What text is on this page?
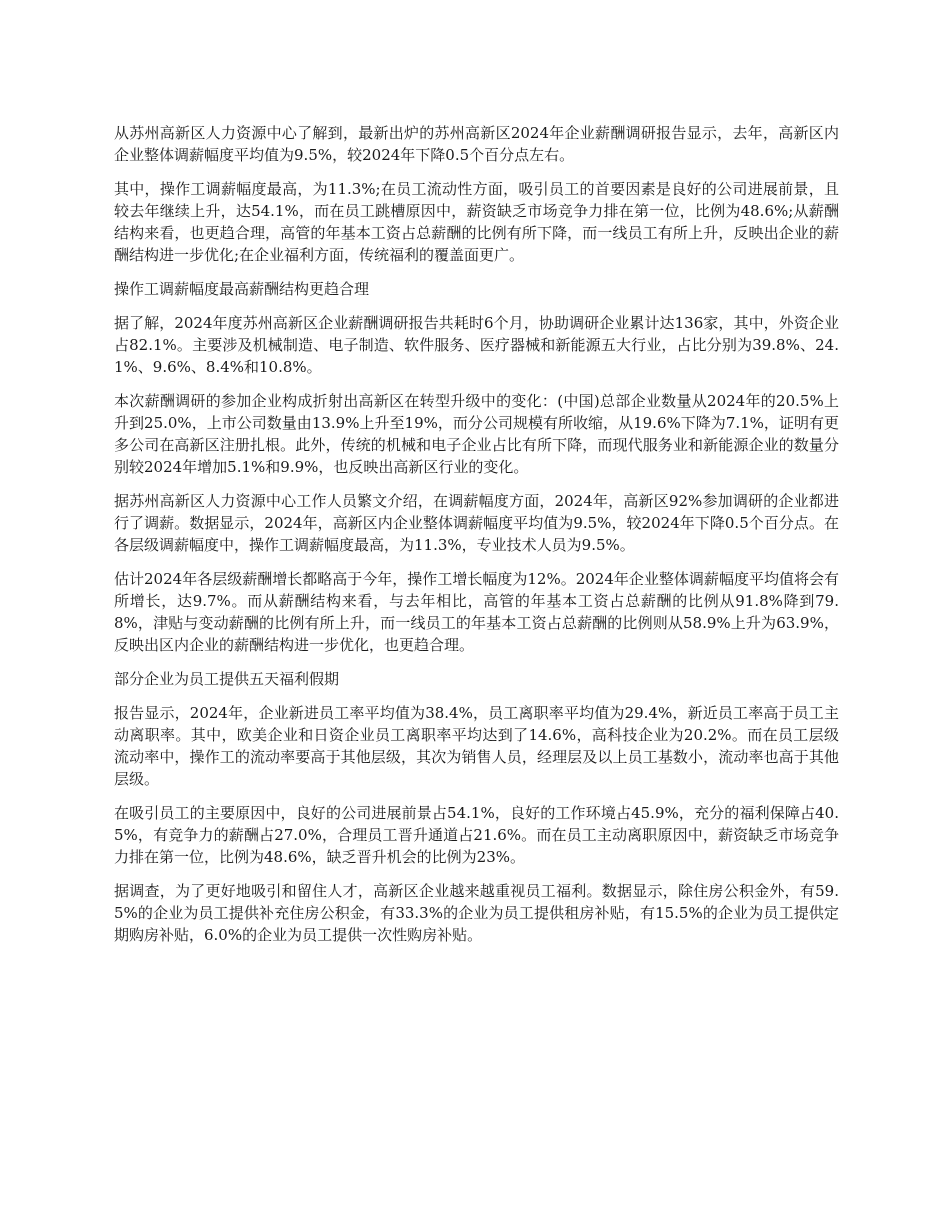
从苏州高新区人力资源中心了解到，最新出炉的苏州高新区2024年企业薪酬调研报告显示，去年，高新区内企业整体调薪幅度平均值为9.5%，较2024年下降0.5个百分点左右。

其中，操作工调薪幅度最高，为11.3%;在员工流动性方面，吸引员工的首要因素是良好的公司进展前景，且较去年继续上升，达54.1%，而在员工跳槽原因中，薪资缺乏市场竞争力排在第一位，比例为48.6%;从薪酬结构来看，也更趋合理，高管的年基本工资占总薪酬的比例有所下降，而一线员工有所上升，反映出企业的薪酬结构进一步优化;在企业福利方面，传统福利的覆盖面更广。

操作工调薪幅度最高薪酬结构更趋合理

据了解，2024年度苏州高新区企业薪酬调研报告共耗时6个月，协助调研企业累计达136家，其中，外资企业占82.1%。主要涉及机械制造、电子制造、软件服务、医疗器械和新能源五大行业，占比分别为39.8%、24.1%、9.6%、8.4%和10.8%。

本次薪酬调研的参加企业构成折射出高新区在转型升级中的变化：(中国)总部企业数量从2024年的20.5%上升到25.0%，上市公司数量由13.9%上升至19%，而分公司规模有所收缩，从19.6%下降为7.1%，证明有更多公司在高新区注册扎根。此外，传统的机械和电子企业占比有所下降，而现代服务业和新能源企业的数量分别较2024年增加5.1%和9.9%，也反映出高新区行业的变化。

据苏州高新区人力资源中心工作人员繁文介绍，在调薪幅度方面，2024年，高新区92%参加调研的企业都进行了调薪。数据显示，2024年，高新区内企业整体调薪幅度平均值为9.5%，较2024年下降0.5个百分点。在各层级调薪幅度中，操作工调薪幅度最高，为11.3%，专业技术人员为9.5%。

估计2024年各层级薪酬增长都略高于今年，操作工增长幅度为12%。2024年企业整体调薪幅度平均值将会有所增长，达9.7%。而从薪酬结构来看，与去年相比，高管的年基本工资占总薪酬的比例从91.8%降到79.8%，津贴与变动薪酬的比例有所上升，而一线员工的年基本工资占总薪酬的比例则从58.9%上升为63.9%，反映出区内企业的薪酬结构进一步优化，也更趋合理。

部分企业为员工提供五天福利假期

报告显示，2024年，企业新进员工率平均值为38.4%，员工离职率平均值为29.4%，新近员工率高于员工主动离职率。其中，欧美企业和日资企业员工离职率平均达到了14.6%，高科技企业为20.2%。而在员工层级流动率中，操作工的流动率要高于其他层级，其次为销售人员，经理层及以上员工基数小，流动率也高于其他层级。

在吸引员工的主要原因中，良好的公司进展前景占54.1%，良好的工作环境占45.9%，充分的福利保障占40.5%，有竞争力的薪酬占27.0%，合理员工晋升通道占21.6%。而在员工主动离职原因中，薪资缺乏市场竞争力排在第一位，比例为48.6%，缺乏晋升机会的比例为23%。

据调查，为了更好地吸引和留住人才，高新区企业越来越重视员工福利。数据显示，除住房公积金外，有59.5%的企业为员工提供补充住房公积金，有33.3%的企业为员工提供租房补贴，有15.5%的企业为员工提供定期购房补贴，6.0%的企业为员工提供一次性购房补贴。
